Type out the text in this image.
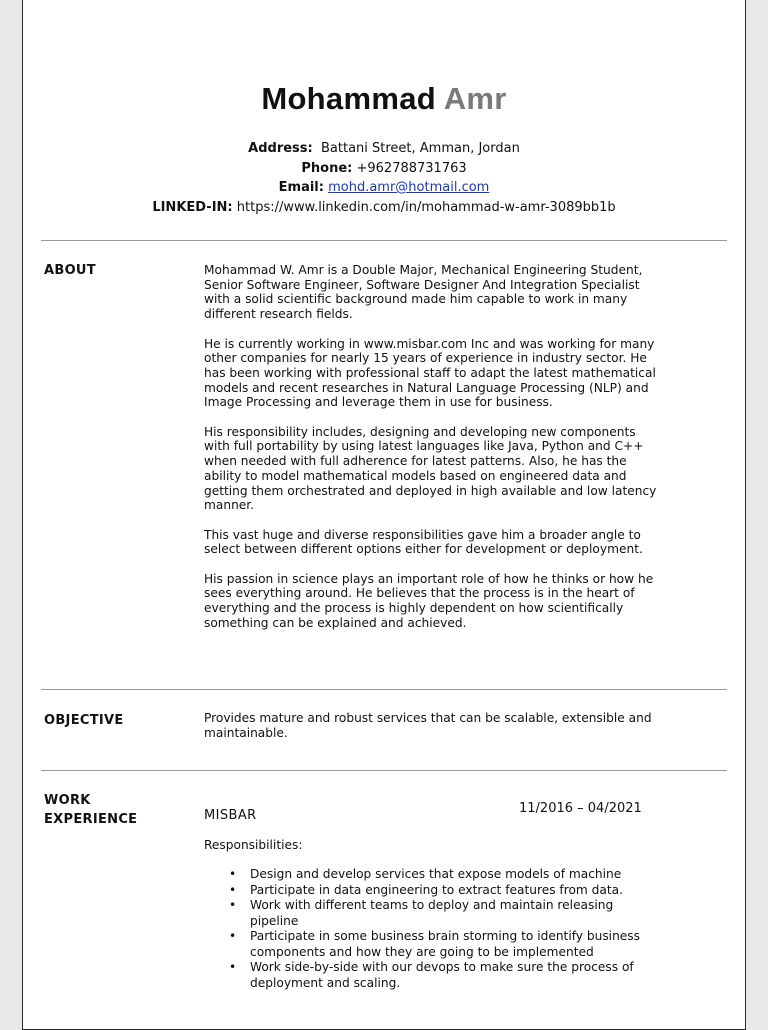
Mohammad Amr
Address: Battani Street, Amman, Jordan
Phone: +962788731763
Email: mohd.amr@hotmail.com
LINKED-IN: https://www.linkedin.com/in/mohammad-w-amr-3089bb1b
ABOUT	Mohammad W. Amr is a Double Major, Mechanical Engineering Student, Senior Software Engineer, Software Designer And Integration Specialist with a solid scientific background made him capable to work in many different research fields.

He is currently working in www.misbar.com Inc and was working for many other companies for nearly 15 years of experience in industry sector. He has been working with professional staff to adapt the latest mathematical models and recent researches in Natural Language Processing (NLP) and Image Processing and leverage them in use for business.

His responsibility includes, designing and developing new components with full portability by using latest languages like Java, Python and C++ when needed with full adherence for latest patterns. Also, he has the ability to model mathematical models based on engineered data and getting them orchestrated and deployed in high available and low latency manner.

This vast huge and diverse responsibilities gave him a broader angle to select between different options either for development or deployment.

His passion in science plays an important role of how he thinks or how he sees everything around. He believes that the process is in the heart of everything and the process is highly dependent on how scientifically something can be explained and achieved.

OBJECTIVE	Provides mature and robust services that can be scalable, extensible and maintainable.

WORK
EXPERIENCE
11/2016 – 04/2021

MISBAR

Responsibilities:

• Design and develop services that expose models of machine
• Participate in data engineering to extract features from data.
• Work with different teams to deploy and maintain releasing pipeline
• Participate in some business brain storming to identify business components and how they are going to be implemented
• Work side-by-side with our devops to make sure the process of deployment and scaling.
